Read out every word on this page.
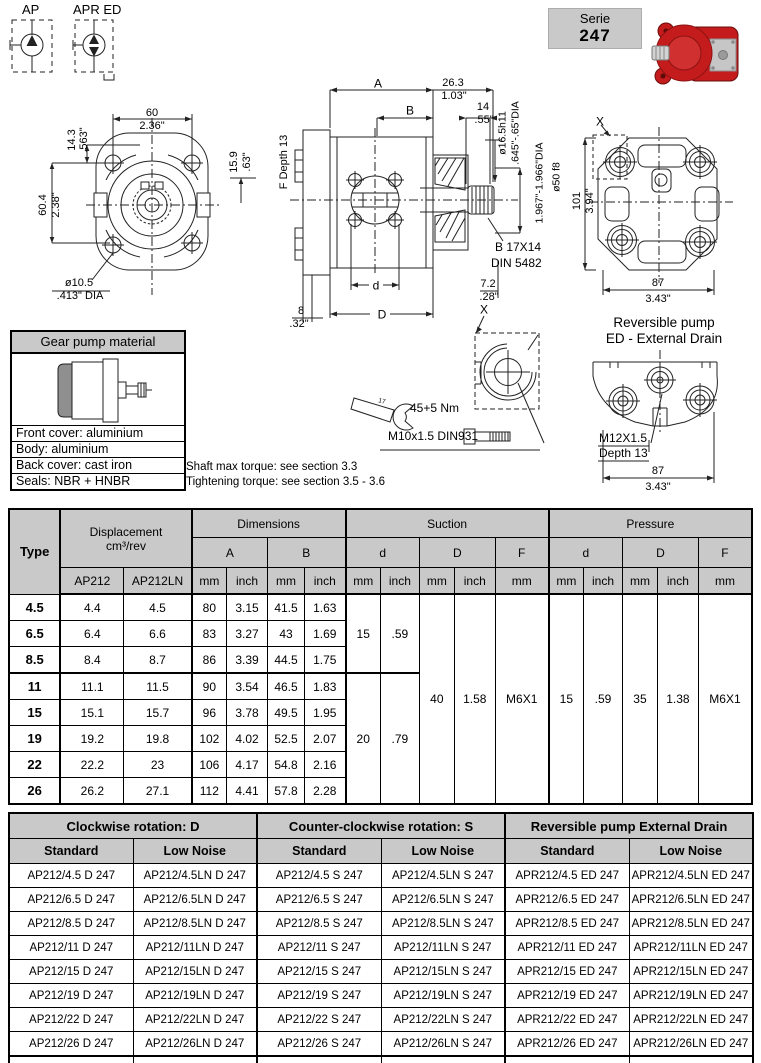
AP	APR ED
Serie
247
60
2.36"
14.3 .563"
60.4 2.38"
ø10.5
.413" DIA
15.9 .63" F Depth 13
A	26.3
1.03"
B	14
.55" ø16.5h11 .645"-.65"DIA
1.967"-1.966"DIA ø50 f8
B 17X14
DIN 5482
8
.32"
d	7.2
.28"
D	X
X
101 3.94"
87
3.43"
Reversible pump
ED - External Drain
M12X1.5
Depth 13
87
3.43"
17 45+5 Nm
M10x1.5 DIN931
Gear pump material
Front cover: aluminium
Body: aluminium
Back cover: cast iron
Seals: NBR + HNBR
Shaft max torque: see section 3.3
Tightening torque: see section 3.5 - 3.6
Type	Displacement
cm³/rev		Dimensions				Suction					Pressure				
			A		B		d		D		F	d		D		F
	AP212	AP212LN	mm	inch	mm	inch	mm	inch	mm	inch	mm	mm	inch	mm	inch	mm
4.5	4.4	4.5	80	3.15	41.5	1.63	15	.59	40	1.58	M6X1	15	.59	35	1.38	M6X1
6.5	6.4	6.6	83	3.27	43	1.69										
8.5	8.4	8.7	86	3.39	44.5	1.75										
11	11.1	11.5	90	3.54	46.5	1.83	20	.79								
15	15.1	15.7	96	3.78	49.5	1.95										
19	19.2	19.8	102	4.02	52.5	2.07										
22	22.2	23	106	4.17	54.8	2.16										
26	26.2	27.1	112	4.41	57.8	2.28										
Clockwise rotation: D		Counter-clockwise rotation: S		Reversible pump External Drain	
Standard	Low Noise	Standard	Low Noise	Standard	Low Noise
AP212/4.5 D 247	AP212/4.5LN D 247	AP212/4.5 S 247	AP212/4.5LN S 247	APR212/4.5 ED 247	APR212/4.5LN ED 247
AP212/6.5 D 247	AP212/6.5LN D 247	AP212/6.5 S 247	AP212/6.5LN S 247	APR212/6.5 ED 247	APR212/6.5LN ED 247
AP212/8.5 D 247	AP212/8.5LN D 247	AP212/8.5 S 247	AP212/8.5LN S 247	APR212/8.5 ED 247	APR212/8.5LN ED 247
AP212/11 D 247	AP212/11LN D 247	AP212/11 S 247	AP212/11LN S 247	APR212/11 ED 247	APR212/11LN ED 247
AP212/15 D 247	AP212/15LN D 247	AP212/15 S 247	AP212/15LN S 247	APR212/15 ED 247	APR212/15LN ED 247
AP212/19 D 247	AP212/19LN D 247	AP212/19 S 247	AP212/19LN S 247	APR212/19 ED 247	APR212/19LN ED 247
AP212/22 D 247	AP212/22LN D 247	AP212/22 S 247	AP212/22LN S 247	APR212/22 ED 247	APR212/22LN ED 247
AP212/26 D 247	AP212/26LN D 247	AP212/26 S 247	AP212/26LN S 247	APR212/26 ED 247	APR212/26LN ED 247
